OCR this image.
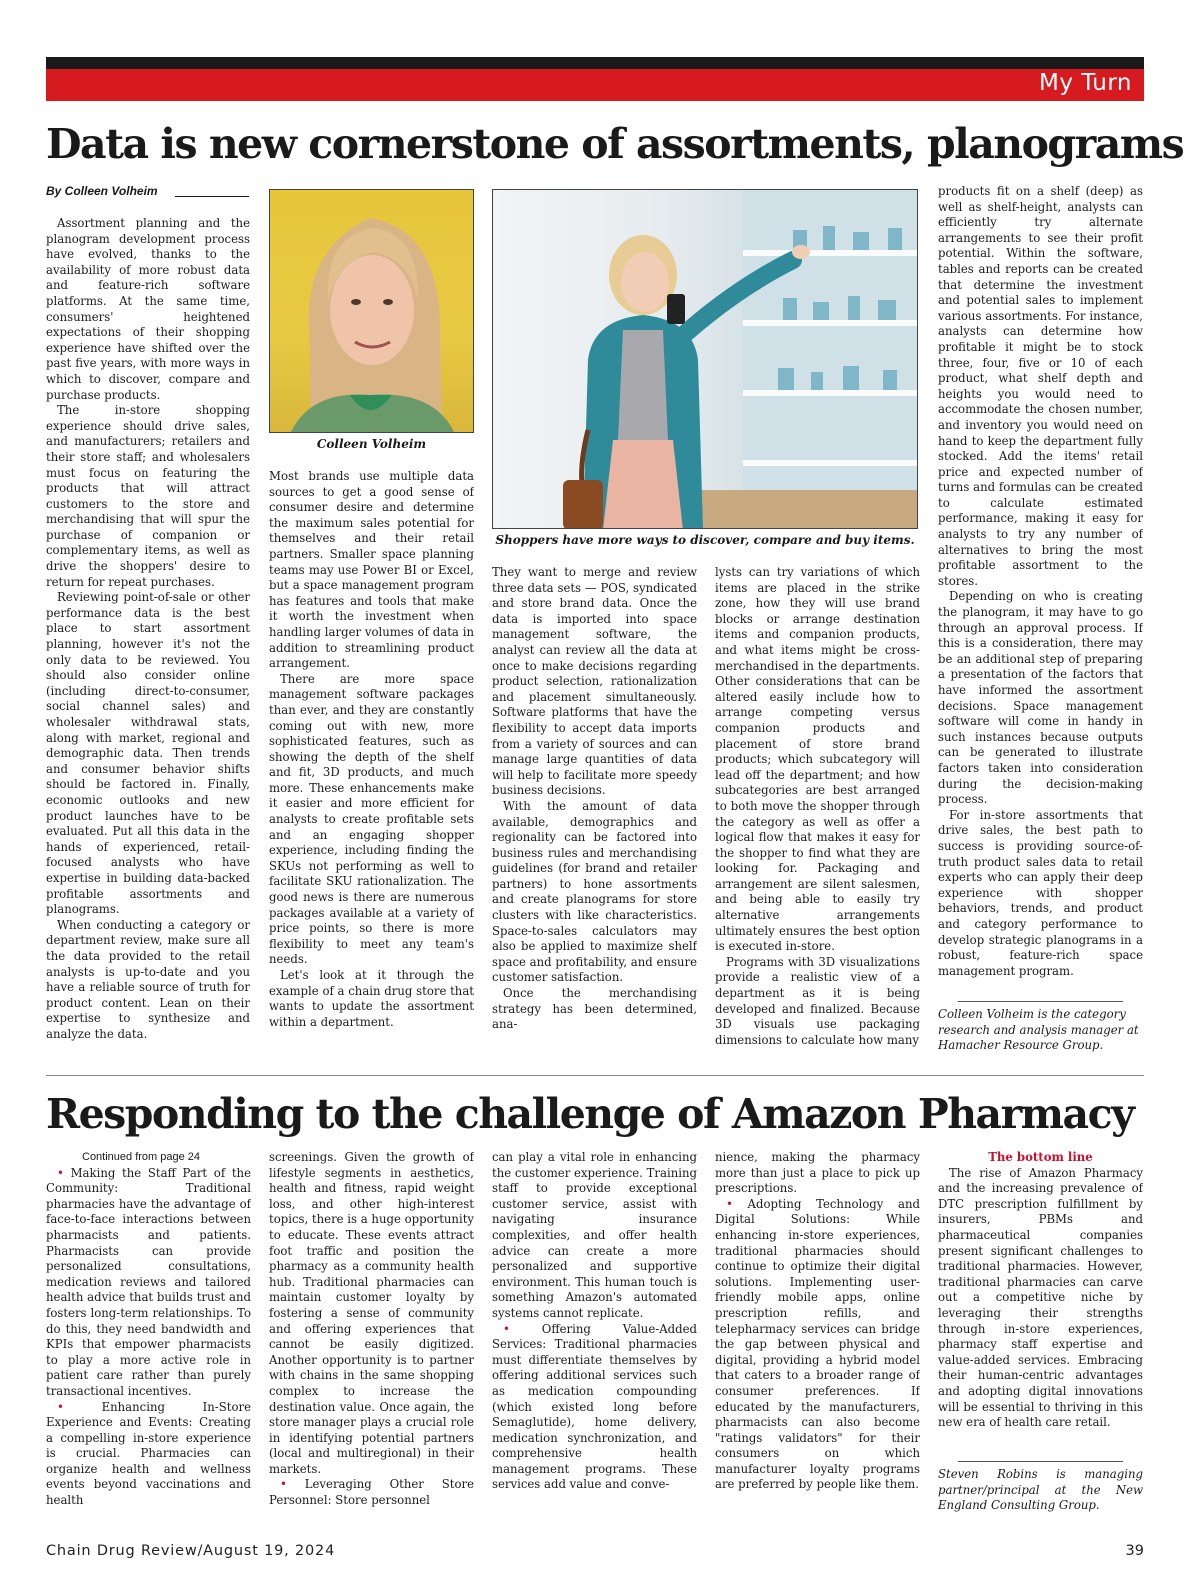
My Turn
Data is new cornerstone of assortments, planograms
By Colleen Volheim

Assortment planning and the planogram development process have evolved, thanks to the availability of more robust data and feature-rich software platforms. At the same time, consumers' heightened expectations of their shopping experience have shifted over the past five years, with more ways in which to discover, compare and purchase products.

The in-store shopping experience should drive sales, and manufacturers; retailers and their store staff; and wholesalers must focus on featuring the products that will attract customers to the store and merchandising that will spur the purchase of companion or complementary items, as well as drive the shoppers' desire to return for repeat purchases.

Reviewing point-of-sale or other performance data is the best place to start assortment planning, however it's not the only data to be reviewed. You should also consider online (including direct-to-consumer, social channel sales) and wholesaler withdrawal stats, along with market, regional and demographic data. Then trends and consumer behavior shifts should be factored in. Finally, economic outlooks and new product launches have to be evaluated. Put all this data in the hands of experienced, retail-focused analysts who have expertise in building data-backed profitable assortments and planograms.

When conducting a category or department review, make sure all the data provided to the retail analysts is up-to-date and you have a reliable source of truth for product content. Lean on their expertise to synthesize and analyze the data.

Colleen Volheim

Most brands use multiple data sources to get a good sense of consumer desire and determine the maximum sales potential for themselves and their retail partners. Smaller space planning teams may use Power BI or Excel, but a space management program has features and tools that make it worth the investment when handling larger volumes of data in addition to streamlining product arrangement.

There are more space management software packages than ever, and they are constantly coming out with new, more sophisticated features, such as showing the depth of the shelf and fit, 3D products, and much more. These enhancements make it easier and more efficient for analysts to create profitable sets and an engaging shopper experience, including finding the SKUs not performing as well to facilitate SKU rationalization. The good news is there are numerous packages available at a variety of price points, so there is more flexibility to meet any team's needs.

Let's look at it through the example of a chain drug store that wants to update the assortment within a department.

Shoppers have more ways to discover, compare and buy items.

They want to merge and review three data sets — POS, syndicated and store brand data. Once the data is imported into space management software, the analyst can review all the data at once to make decisions regarding product selection, rationalization and placement simultaneously. Software platforms that have the flexibility to accept data imports from a variety of sources and can manage large quantities of data will help to facilitate more speedy business decisions.

With the amount of data available, demographics and regionality can be factored into business rules and merchandising guidelines (for brand and retailer partners) to hone assortments and create planograms for store clusters with like characteristics. Space-to-sales calculators may also be applied to maximize shelf space and profitability, and ensure customer satisfaction.

Once the merchandising strategy has been determined, ana-

lysts can try variations of which items are placed in the strike zone, how they will use brand blocks or arrange destination items and companion products, and what items might be cross-merchandised in the departments. Other considerations that can be altered easily include how to arrange competing versus companion products and placement of store brand products; which subcategory will lead off the department; and how subcategories are best arranged to both move the shopper through the category as well as offer a logical flow that makes it easy for the shopper to find what they are looking for. Packaging and arrangement are silent salesmen, and being able to easily try alternative arrangements ultimately ensures the best option is executed in-store.

Programs with 3D visualizations provide a realistic view of a department as it is being developed and finalized. Because 3D visuals use packaging dimensions to calculate how many

products fit on a shelf (deep) as well as shelf-height, analysts can efficiently try alternate arrangements to see their profit potential. Within the software, tables and reports can be created that determine the investment and potential sales to implement various assortments. For instance, analysts can determine how profitable it might be to stock three, four, five or 10 of each product, what shelf depth and heights you would need to accommodate the chosen number, and inventory you would need on hand to keep the department fully stocked. Add the items' retail price and expected number of turns and formulas can be created to calculate estimated performance, making it easy for analysts to try any number of alternatives to bring the most profitable assortment to the stores.

Depending on who is creating the planogram, it may have to go through an approval process. If this is a consideration, there may be an additional step of preparing a presentation of the factors that have informed the assortment decisions. Space management software will come in handy in such instances because outputs can be generated to illustrate factors taken into consideration during the decision-making process.

For in-store assortments that drive sales, the best path to success is providing source-of-truth product sales data to retail experts who can apply their deep experience with shopper behaviors, trends, and product and category performance to develop strategic planograms in a robust, feature-rich space management program.

Colleen Volheim is the category research and analysis manager at Hamacher Resource Group.
Responding to the challenge of Amazon Pharmacy

Continued from page 24

• Making the Staff Part of the Community: Traditional pharmacies have the advantage of face-to-face interactions between pharmacists and patients. Pharmacists can provide personalized consultations, medication reviews and tailored health advice that builds trust and fosters long-term relationships. To do this, they need bandwidth and KPIs that empower pharmacists to play a more active role in patient care rather than purely transactional incentives.

• Enhancing In-Store Experience and Events: Creating a compelling in-store experience is crucial. Pharmacies can organize health and wellness events beyond vaccinations and health

screenings. Given the growth of lifestyle segments in aesthetics, health and fitness, rapid weight loss, and other high-interest topics, there is a huge opportunity to educate. These events attract foot traffic and position the pharmacy as a community health hub. Traditional pharmacies can maintain customer loyalty by fostering a sense of community and offering experiences that cannot be easily digitized. Another opportunity is to partner with chains in the same shopping complex to increase the destination value. Once again, the store manager plays a crucial role in identifying potential partners (local and multiregional) in their markets.

• Leveraging Other Store Personnel: Store personnel

can play a vital role in enhancing the customer experience. Training staff to provide exceptional customer service, assist with navigating insurance complexities, and offer health advice can create a more personalized and supportive environment. This human touch is something Amazon's automated systems cannot replicate.

• Offering Value-Added Services: Traditional pharmacies must differentiate themselves by offering additional services such as medication compounding (which existed long before Semaglutide), home delivery, medication synchronization, and comprehensive health management programs. These services add value and conve-

nience, making the pharmacy more than just a place to pick up prescriptions.

• Adopting Technology and Digital Solutions: While enhancing in-store experiences, traditional pharmacies should continue to optimize their digital solutions. Implementing user-friendly mobile apps, online prescription refills, and telepharmacy services can bridge the gap between physical and digital, providing a hybrid model that caters to a broader range of consumer preferences. If educated by the manufacturers, pharmacists can also become "ratings validators" for their consumers on which manufacturer loyalty programs are preferred by people like them.

The bottom line

The rise of Amazon Pharmacy and the increasing prevalence of DTC prescription fulfillment by insurers, PBMs and pharmaceutical companies present significant challenges to traditional pharmacies. However, traditional pharmacies can carve out a competitive niche by leveraging their strengths through in-store experiences, pharmacy staff expertise and value-added services. Embracing their human-centric advantages and adopting digital innovations will be essential to thriving in this new era of health care retail.

Steven Robins is managing partner/principal at the New England Consulting Group.
Chain Drug Review/August 19, 2024	39
